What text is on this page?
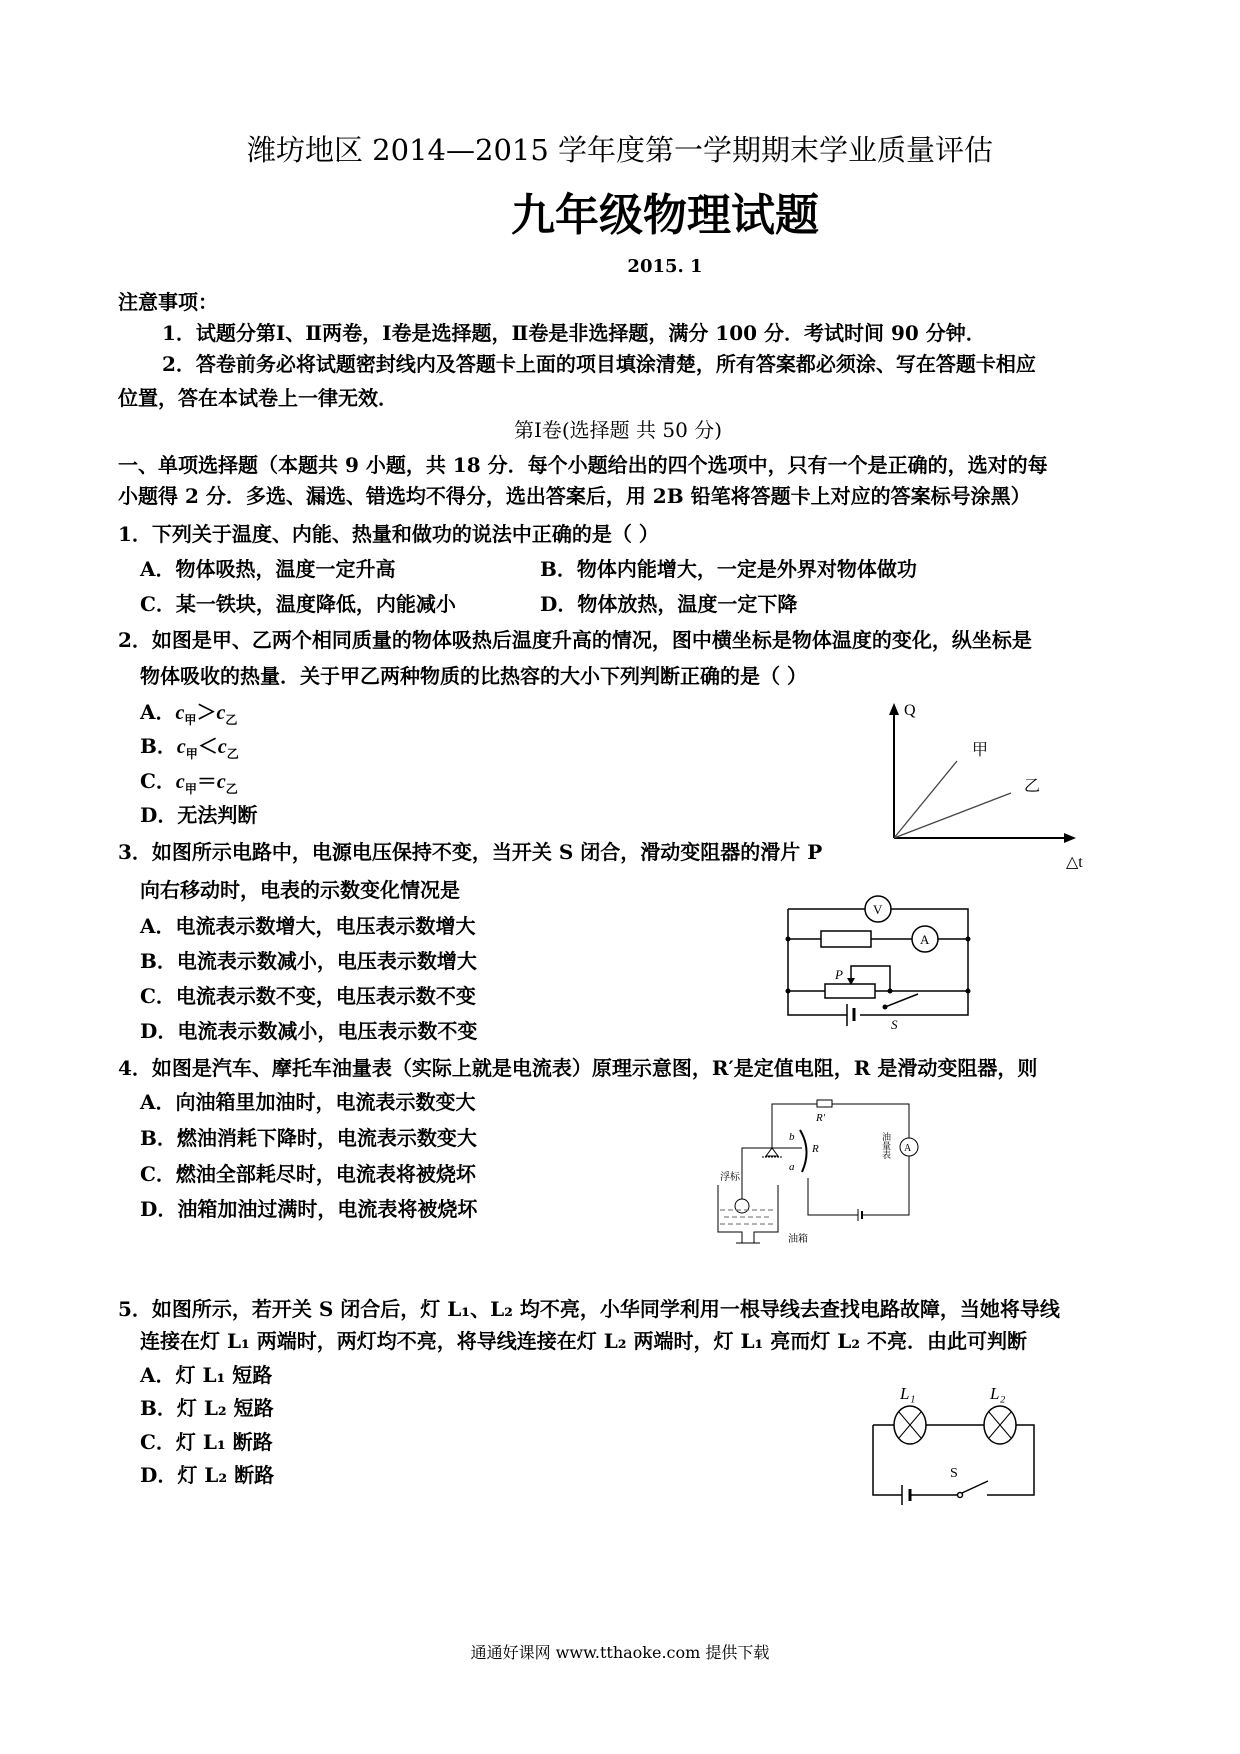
潍坊地区 2014—2015 学年度第一学期期末学业质量评估
九年级物理试题
2015. 1
注意事项：
1．试题分第Ⅰ、Ⅱ两卷，Ⅰ卷是选择题，Ⅱ卷是非选择题，满分 100 分．考试时间 90 分钟．
2．答卷前务必将试题密封线内及答题卡上面的项目填涂清楚，所有答案都必须涂、写在答题卡相应
位置，答在本试卷上一律无效．
第Ⅰ卷(选择题 共 50 分)
一、单项选择题（本题共 9 小题，共 18 分．每个小题给出的四个选项中，只有一个是正确的，选对的每
小题得 2 分．多选、漏选、错选均不得分，选出答案后，用 2B 铅笔将答题卡上对应的答案标号涂黑）
1．下列关于温度、内能、热量和做功的说法中正确的是（ ）
A．物体吸热，温度一定升高	B．物体内能增大，一定是外界对物体做功
C．某一铁块，温度降低，内能减小	D．物体放热，温度一定下降
2．如图是甲、乙两个相同质量的物体吸热后温度升高的情况，图中横坐标是物体温度的变化，纵坐标是
物体吸收的热量．关于甲乙两种物质的比热容的大小下列判断正确的是（ ）
A．$c_甲>c_乙$
B．$c_甲<c_乙$
C．$c_甲=c_乙$
D．无法判断
Q
△t
甲
乙
3．如图所示电路中，电源电压保持不变，当开关 S 闭合，滑动变阻器的滑片 P
向右移动时，电表的示数变化情况是
A．电流表示数增大，电压表示数增大
B．电流表示数减小，电压表示数增大
C．电流表示数不变，电压表示数不变
D．电流表示数减小，电压表示数不变
V
A
P
S
4．如图是汽车、摩托车油量表（实际上就是电流表）原理示意图，R′是定值电阻，R 是滑动变阻器，则
A．向油箱里加油时，电流表示数变大
B．燃油消耗下降时，电流表示数变大
C．燃油全部耗尽时，电流表将被烧坏
D．油箱加油过满时，电流表将被烧坏
R′
R
b
a
A
油量表
浮标
油箱
5．如图所示，若开关 S 闭合后，灯 L₁、L₂ 均不亮，小华同学利用一根导线去查找电路故障，当她将导线
连接在灯 L₁ 两端时，两灯均不亮，将导线连接在灯 L₂ 两端时，灯 L₁ 亮而灯 L₂ 不亮．由此可判断
A．灯 L₁ 短路
B．灯 L₂ 短路
C．灯 L₁ 断路
D．灯 L₂ 断路
L₁	L₂
S
通通好课网 www.tthaoke.com 提供下载
